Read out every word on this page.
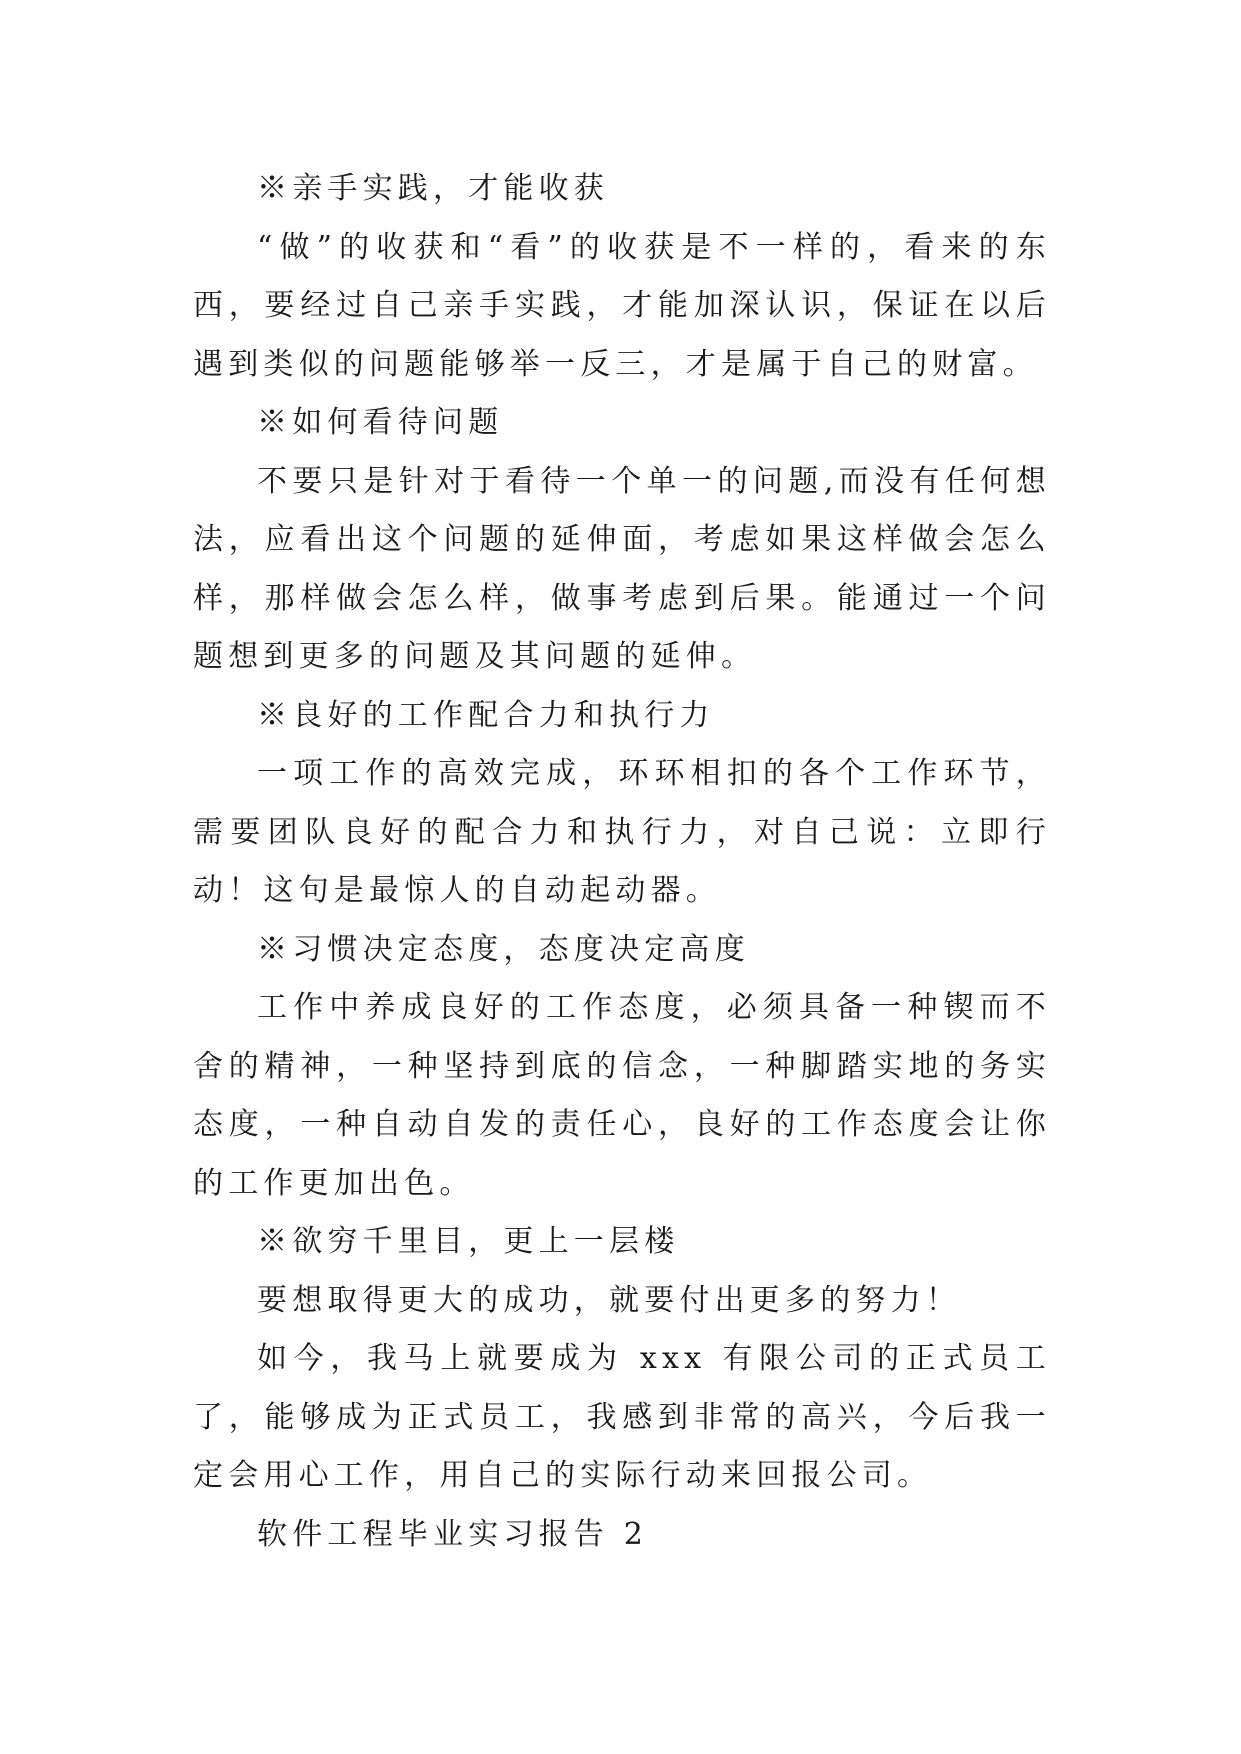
※亲手实践，才能收获

“做”的收获和“看”的收获是不一样的，看来的东西，要经过自己亲手实践，才能加深认识，保证在以后遇到类似的问题能够举一反三，才是属于自己的财富。

※如何看待问题

不要只是针对于看待一个单一的问题,而没有任何想法，应看出这个问题的延伸面，考虑如果这样做会怎么样，那样做会怎么样，做事考虑到后果。能通过一个问题想到更多的问题及其问题的延伸。

※良好的工作配合力和执行力

一项工作的高效完成，环环相扣的各个工作环节，需要团队良好的配合力和执行力，对自己说：立即行动！这句是最惊人的自动起动器。

※习惯决定态度，态度决定高度

工作中养成良好的工作态度，必须具备一种锲而不舍的精神，一种坚持到底的信念，一种脚踏实地的务实态度，一种自动自发的责任心，良好的工作态度会让你的工作更加出色。

※欲穷千里目，更上一层楼

要想取得更大的成功，就要付出更多的努力！

如今，我马上就要成为 xxx 有限公司的正式员工了，能够成为正式员工，我感到非常的高兴，今后我一定会用心工作，用自己的实际行动来回报公司。

软件工程毕业实习报告 2
